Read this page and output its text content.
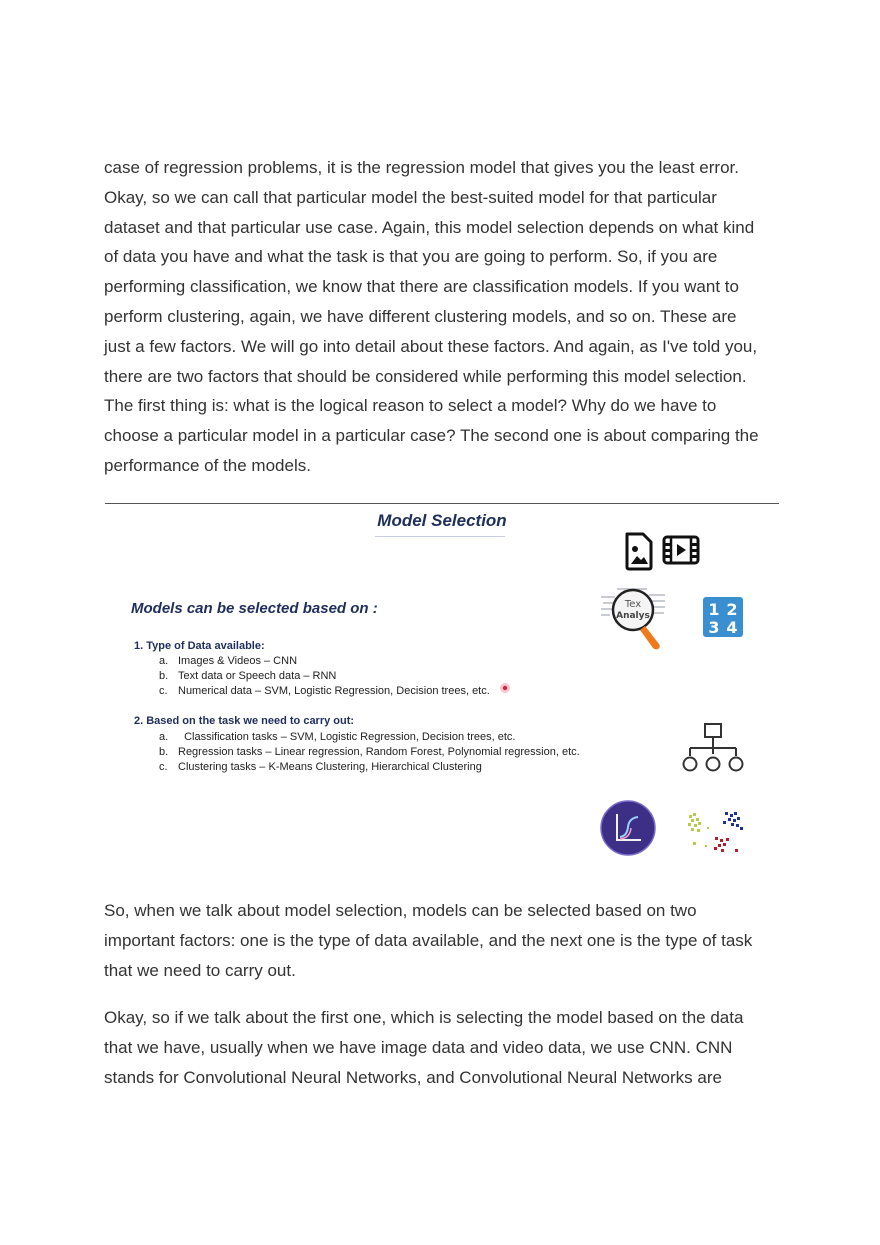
case of regression problems, it is the regression model that gives you the least error.
Okay, so we can call that particular model the best-suited model for that particular
dataset and that particular use case. Again, this model selection depends on what kind
of data you have and what the task is that you are going to perform. So, if you are
performing classification, we know that there are classification models. If you want to
perform clustering, again, we have different clustering models, and so on. These are
just a few factors. We will go into detail about these factors. And again, as I've told you,
there are two factors that should be considered while performing this model selection.
The first thing is: what is the logical reason to select a model? Why do we have to
choose a particular model in a particular case? The second one is about comparing the
performance of the models.

Model Selection
Models can be selected based on :
1. Type of Data available:
a. Images & Videos – CNN
b. Text data or Speech data – RNN
c. Numerical data – SVM, Logistic Regression, Decision trees, etc.
2. Based on the task we need to carry out:
a.  Classification tasks – SVM, Logistic Regression, Decision trees, etc.
b. Regression tasks – Linear regression, Random Forest, Polynomial regression, etc.
c. Clustering tasks – K-Means Clustering, Hierarchical Clustering
Tex
Analys	1 2
3 4

So, when we talk about model selection, models can be selected based on two
important factors: one is the type of data available, and the next one is the type of task
that we need to carry out.

Okay, so if we talk about the first one, which is selecting the model based on the data
that we have, usually when we have image data and video data, we use CNN. CNN
stands for Convolutional Neural Networks, and Convolutional Neural Networks are
